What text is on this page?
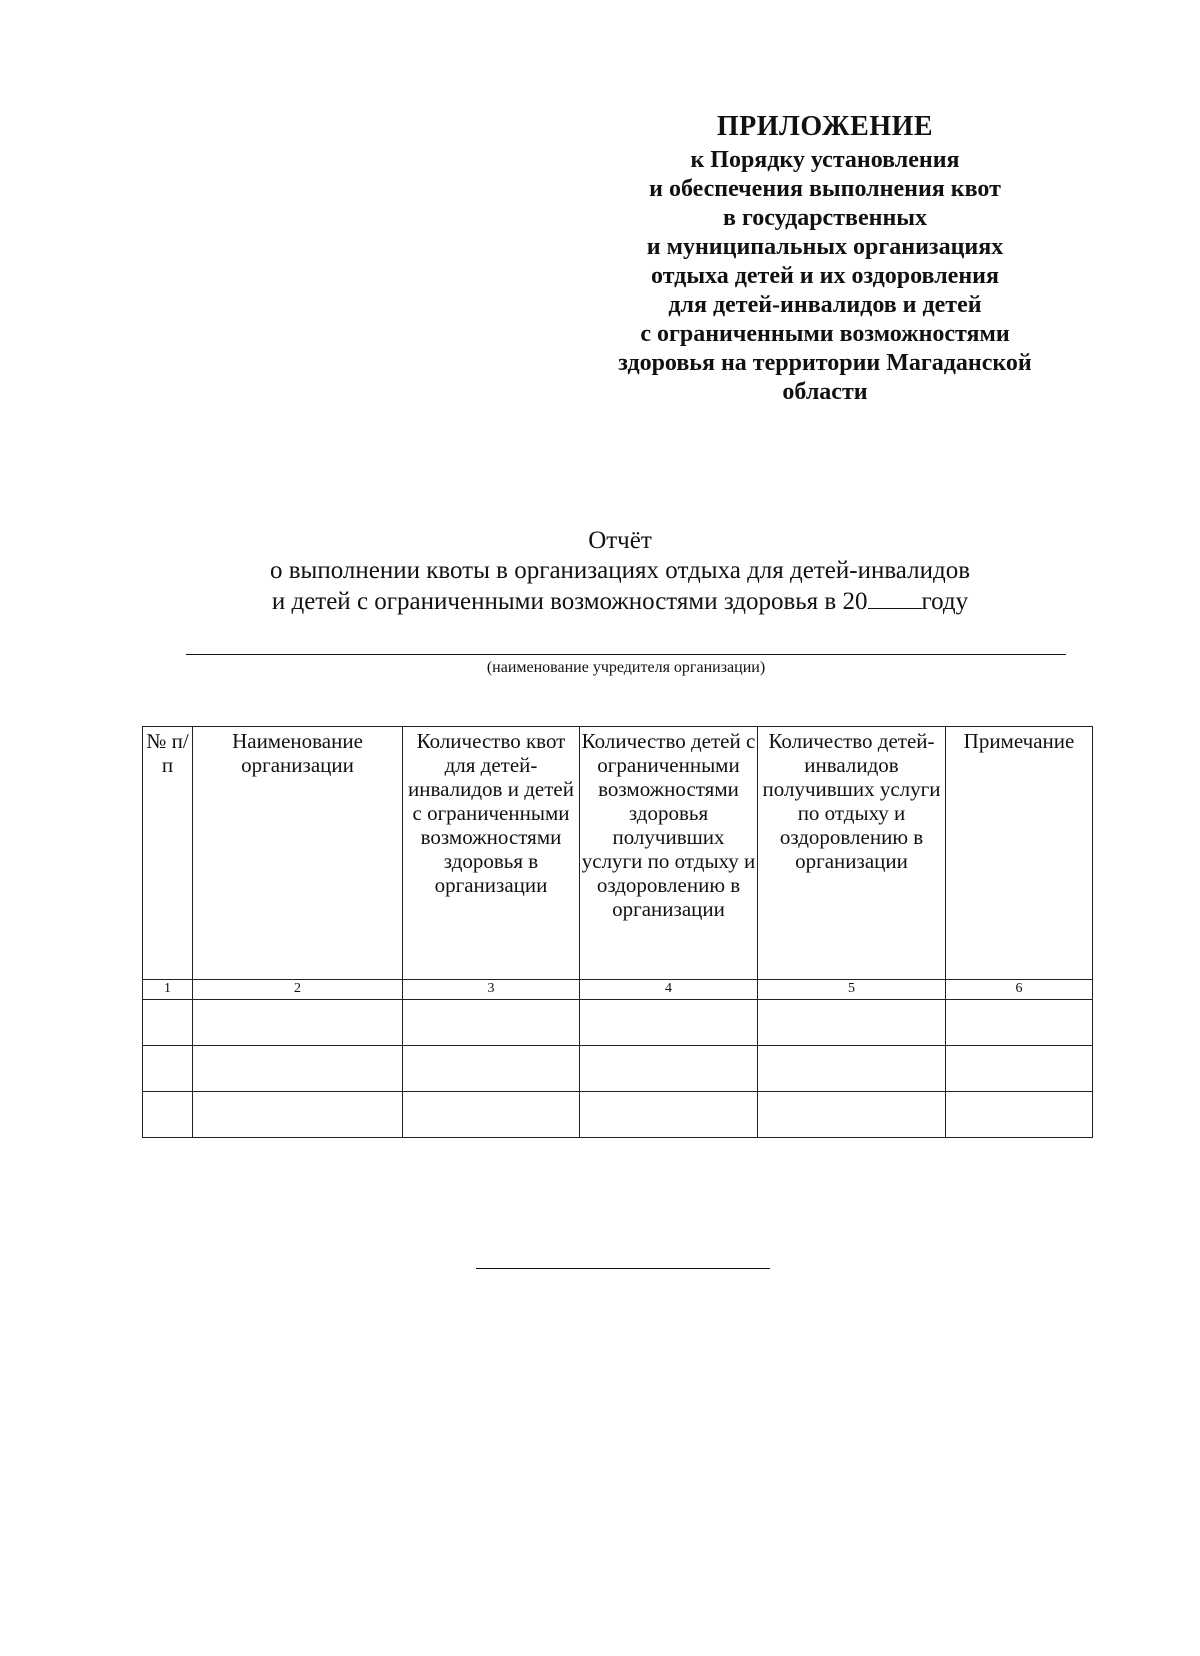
ПРИЛОЖЕНИЕ
к Порядку установления
и обеспечения выполнения квот
в государственных
и муниципальных организациях
отдыха детей и их оздоровления
для детей-инвалидов и детей
с ограниченными возможностями
здоровья на территории Магаданской
области
Отчёт
о выполнении квоты в организациях отдыха для детей-инвалидов
и детей с ограниченными возможностями здоровья в 20 году
(наименование учредителя организации)
№ п/п	Наименование организации	Количество квот для детей-инвалидов и детей с ограниченными возможностями здоровья в организации	Количество детей с ограниченными возможностями здоровья получивших услуги по отдыху и оздоровлению в организации	Количество детей-инвалидов получивших услуги по отдыху и оздоровлению в организации	Примечание
1	2	3	4	5	6
